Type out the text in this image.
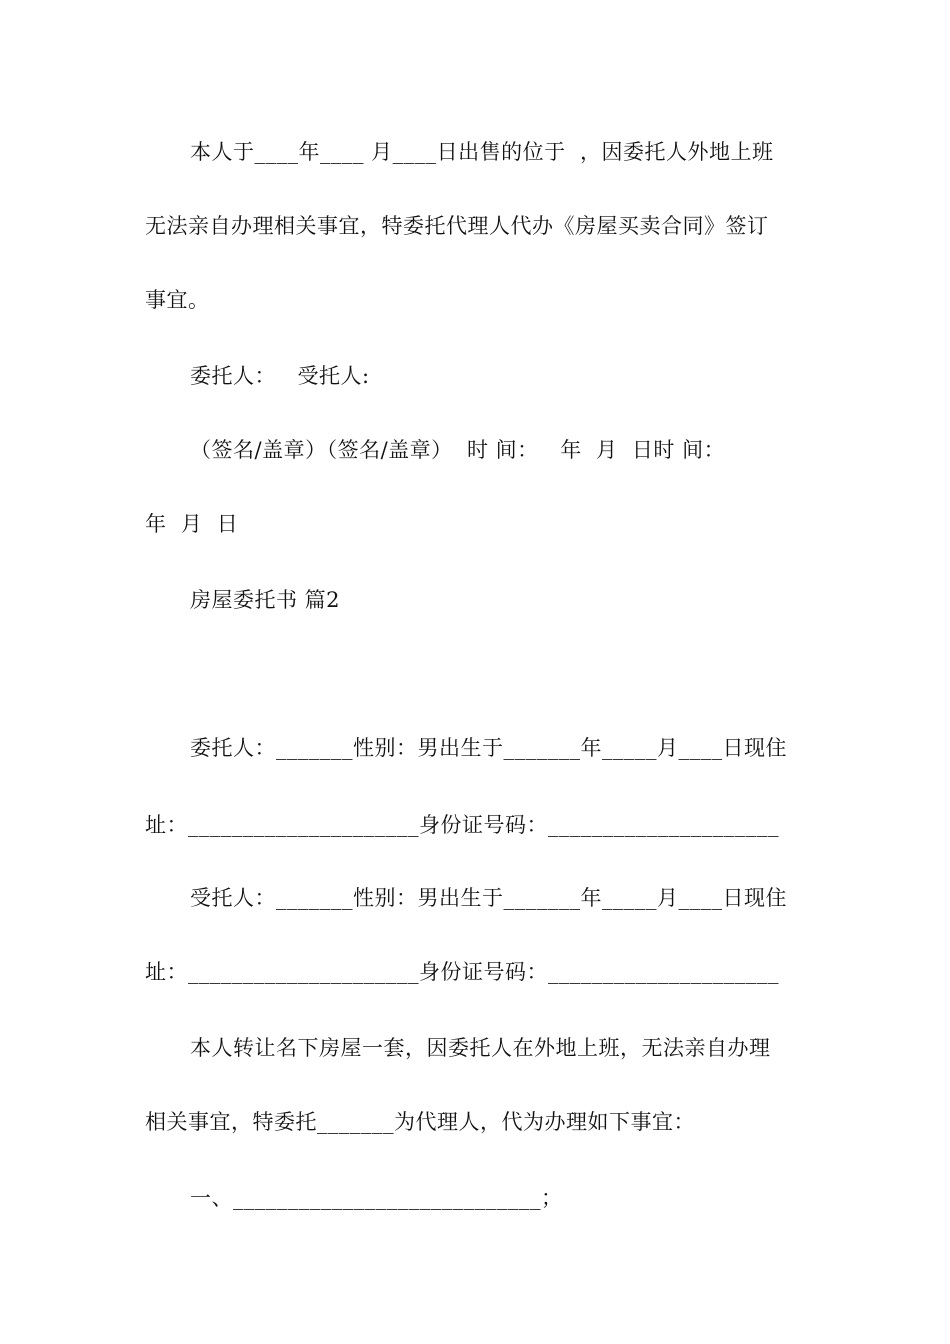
本人于____年____ 月____日出售的位于  ，因委托人外地上班
无法亲自办理相关事宜，特委托代理人代办《房屋买卖合同》签订
事宜。
委托人：   受托人:
（签名/盖章）（签名/盖章）  时 间：   年  月  日时 间：
年  月  日
房屋委托书 篇2
委托人：_______性别：男出生于_______年_____月____日现住
址：_____________________身份证号码：_____________________
受托人：_______性别：男出生于_______年_____月____日现住
址：_____________________身份证号码：_____________________
本人转让名下房屋一套，因委托人在外地上班，无法亲自办理
相关事宜，特委托_______为代理人，代为办理如下事宜：
一、____________________________；
